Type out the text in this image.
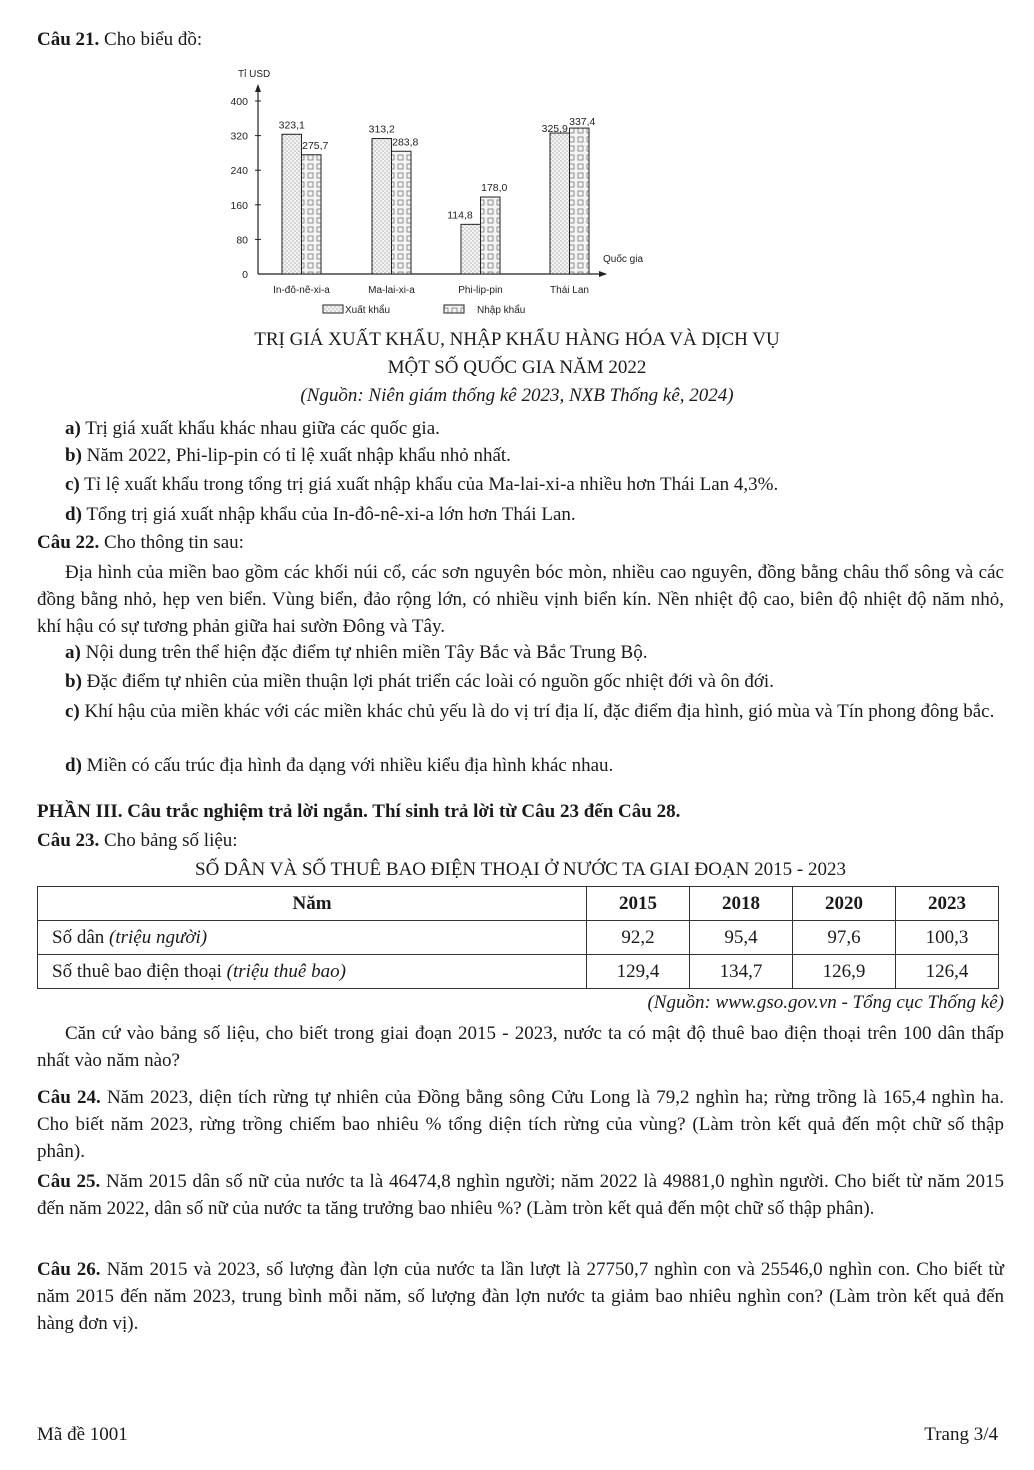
Câu 21. Cho biểu đồ:
Tỉ USD
Quốc gia
0
80
160
240
320
400
323,1
275,7
In-đô-nê-xi-a
313,2
283,8
Ma-lai-xi-a
114,8
178,0
Phi-lip-pin
325,9
337,4
Thái Lan
Xuất khẩu	Nhập khẩu
TRỊ GIÁ XUẤT KHẨU, NHẬP KHẨU HÀNG HÓA VÀ DỊCH VỤ
MỘT SỐ QUỐC GIA NĂM 2022
(Nguồn: Niên giám thống kê 2023, NXB Thống kê, 2024)
a) Trị giá xuất khẩu khác nhau giữa các quốc gia.
b) Năm 2022, Phi-lip-pin có tỉ lệ xuất nhập khẩu nhỏ nhất.
c) Tỉ lệ xuất khẩu trong tổng trị giá xuất nhập khẩu của Ma-lai-xi-a nhiều hơn Thái Lan 4,3%.
d) Tổng trị giá xuất nhập khẩu của In-đô-nê-xi-a lớn hơn Thái Lan.
Câu 22. Cho thông tin sau:
Địa hình của miền bao gồm các khối núi cổ, các sơn nguyên bóc mòn, nhiều cao nguyên, đồng bằng châu thổ sông và các đồng bằng nhỏ, hẹp ven biển. Vùng biển, đảo rộng lớn, có nhiều vịnh biển kín. Nền nhiệt độ cao, biên độ nhiệt độ năm nhỏ, khí hậu có sự tương phản giữa hai sườn Đông và Tây.
a) Nội dung trên thể hiện đặc điểm tự nhiên miền Tây Bắc và Bắc Trung Bộ.
b) Đặc điểm tự nhiên của miền thuận lợi phát triển các loài có nguồn gốc nhiệt đới và ôn đới.
c) Khí hậu của miền khác với các miền khác chủ yếu là do vị trí địa lí, đặc điểm địa hình, gió mùa và Tín phong đông bắc.
d) Miền có cấu trúc địa hình đa dạng với nhiều kiểu địa hình khác nhau.
PHẦN III. Câu trắc nghiệm trả lời ngắn. Thí sinh trả lời từ Câu 23 đến Câu 28.
Câu 23. Cho bảng số liệu:
SỐ DÂN VÀ SỐ THUÊ BAO ĐIỆN THOẠI Ở NƯỚC TA GIAI ĐOẠN 2015 - 2023
Năm	2015	2018	2020	2023
Số dân (triệu người)	92,2	95,4	97,6	100,3
Số thuê bao điện thoại (triệu thuê bao)	129,4	134,7	126,9	126,4
(Nguồn: www.gso.gov.vn - Tổng cục Thống kê)
Căn cứ vào bảng số liệu, cho biết trong giai đoạn 2015 - 2023, nước ta có mật độ thuê bao điện thoại trên 100 dân thấp nhất vào năm nào?
Câu 24. Năm 2023, diện tích rừng tự nhiên của Đồng bằng sông Cửu Long là 79,2 nghìn ha; rừng trồng là 165,4 nghìn ha. Cho biết năm 2023, rừng trồng chiếm bao nhiêu % tổng diện tích rừng của vùng? (Làm tròn kết quả đến một chữ số thập phân).
Câu 25. Năm 2015 dân số nữ của nước ta là 46474,8 nghìn người; năm 2022 là 49881,0 nghìn người. Cho biết từ năm 2015 đến năm 2022, dân số nữ của nước ta tăng trưởng bao nhiêu %? (Làm tròn kết quả đến một chữ số thập phân).
Câu 26. Năm 2015 và 2023, số lượng đàn lợn của nước ta lần lượt là 27750,7 nghìn con và 25546,0 nghìn con. Cho biết từ năm 2015 đến năm 2023, trung bình mỗi năm, số lượng đàn lợn nước ta giảm bao nhiêu nghìn con? (Làm tròn kết quả đến hàng đơn vị).
Mã đề 1001	Trang 3/4
